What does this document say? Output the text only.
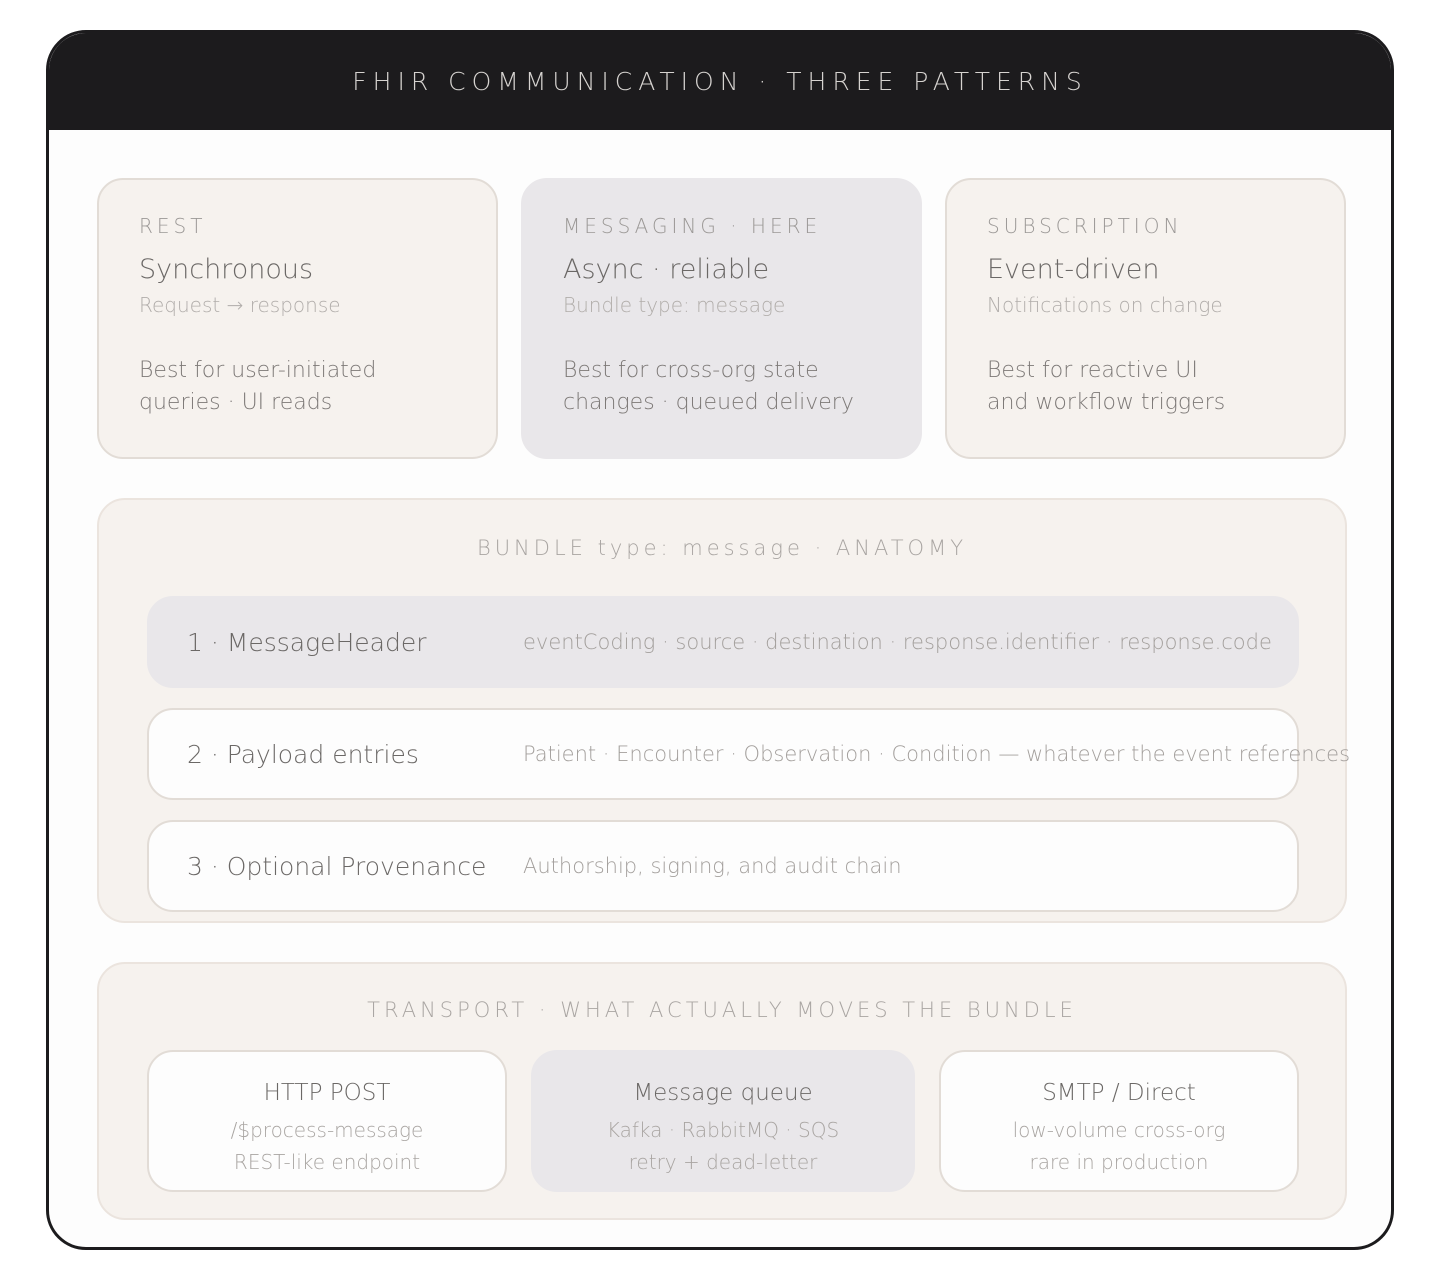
FHIR COMMUNICATION · THREE PATTERNS
REST
Synchronous
Request → response
Best for user-initiated
queries · UI reads
MESSAGING · HERE
Async · reliable
Bundle type: message
Best for cross-org state
changes · queued delivery
SUBSCRIPTION
Event-driven
Notifications on change
Best for reactive UI
and workflow triggers
BUNDLE type: message · ANATOMY
1 · MessageHeader	eventCoding · source · destination · response.identifier · response.code
2 · Payload entries	Patient · Encounter · Observation · Condition — whatever the event references
3 · Optional Provenance Authorship, signing, and audit chain
TRANSPORT · WHAT ACTUALLY MOVES THE BUNDLE
HTTP POST
/$process-message
REST-like endpoint
Message queue
Kafka · RabbitMQ · SQS
retry + dead-letter
SMTP / Direct
low-volume cross-org
rare in production
